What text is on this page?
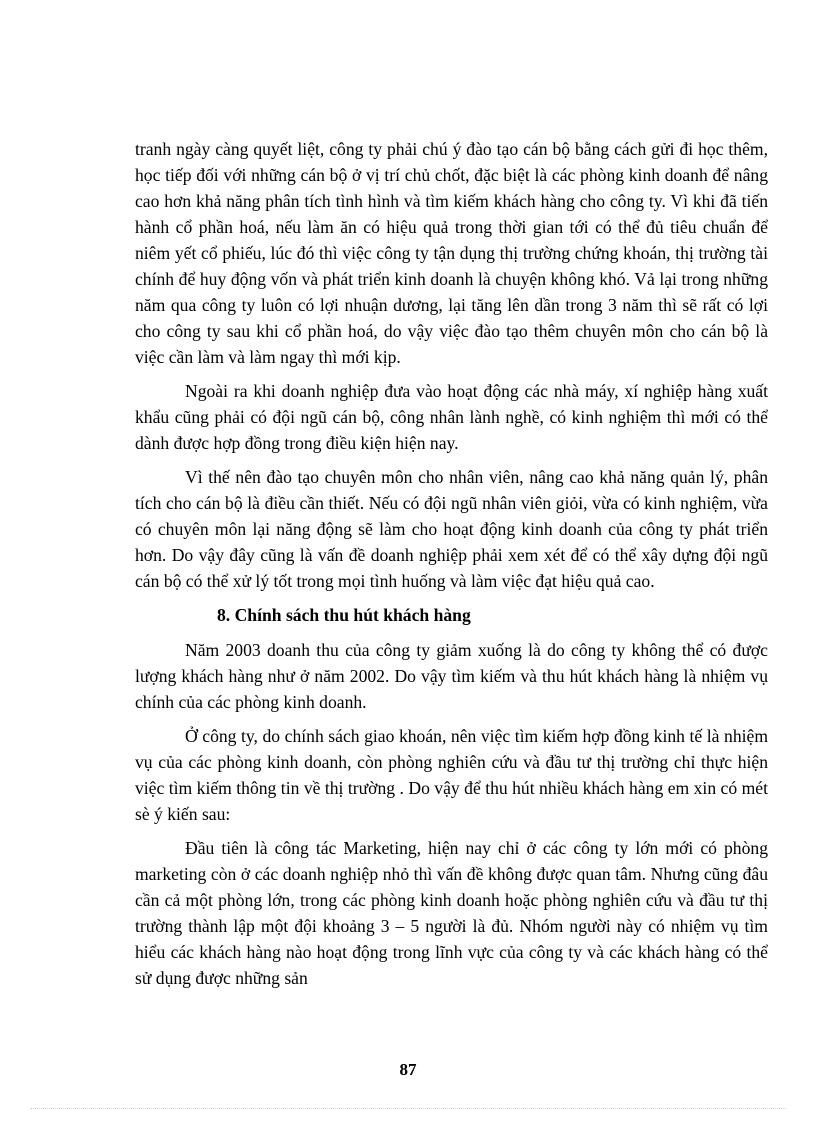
tranh ngày càng quyết liệt, công ty phải chú ý đào tạo cán bộ bằng cách gửi đi học thêm, học tiếp đối với những cán bộ ở vị trí chủ chốt, đặc biệt là các phòng kinh doanh để nâng cao hơn khả năng phân tích tình hình và tìm kiếm khách hàng cho công ty. Vì khi đã tiến hành cổ phần hoá, nếu làm ăn có hiệu quả trong thời gian tới có thể đủ tiêu chuẩn để niêm yết cổ phiếu, lúc đó thì việc công ty tận dụng thị trường chứng khoán, thị trường tài chính để huy động vốn và phát triển kinh doanh là chuyện không khó. Vả lại trong những năm qua công ty luôn có lợi nhuận dương, lại tăng lên dần trong 3 năm thì sẽ rất có lợi cho công ty sau khi cổ phần hoá, do vậy việc đào tạo thêm chuyên môn cho cán bộ là việc cần làm và làm ngay thì mới kịp.

Ngoài ra khi doanh nghiệp đưa vào hoạt động các nhà máy, xí nghiệp hàng xuất khẩu cũng phải có đội ngũ cán bộ, công nhân lành nghề, có kinh nghiệm thì mới có thể dành được hợp đồng trong điều kiện hiện nay.

Vì thế nên đào tạo chuyên môn cho nhân viên, nâng cao khả năng quản lý, phân tích cho cán bộ là điều cần thiết. Nếu có đội ngũ nhân viên giỏi, vừa có kinh nghiệm, vừa có chuyên môn lại năng động sẽ làm cho hoạt động kinh doanh của công ty phát triển hơn. Do vậy đây cũng là vấn đề doanh nghiệp phải xem xét để có thể xây dựng đội ngũ cán bộ có thể xử lý tốt trong mọi tình huống và làm việc đạt hiệu quả cao.

8. Chính sách thu hút khách hàng

Năm 2003 doanh thu của công ty giảm xuống là do công ty không thể có được lượng khách hàng như ở năm 2002. Do vậy tìm kiếm và thu hút khách hàng là nhiệm vụ chính của các phòng kinh doanh.

Ở công ty, do chính sách giao khoán, nên việc tìm kiếm hợp đồng kinh tế là nhiệm vụ của các phòng kinh doanh, còn phòng nghiên cứu và đầu tư thị trường chỉ thực hiện việc tìm kiếm thông tin về thị trường . Do vậy để thu hút nhiều khách hàng em xin có mét sè ý kiến sau:

Đầu tiên là công tác Marketing, hiện nay chỉ ở các công ty lớn mới có phòng marketing còn ở các doanh nghiệp nhỏ thì vấn đề không được quan tâm. Nhưng cũng đâu cần cả một phòng lớn, trong các phòng kinh doanh hoặc phòng nghiên cứu và đầu tư thị trường thành lập một đội khoảng 3 – 5 người là đủ. Nhóm người này có nhiệm vụ tìm hiểu các khách hàng nào hoạt động trong lĩnh vực của công ty và các khách hàng có thể sử dụng được những sản

87
